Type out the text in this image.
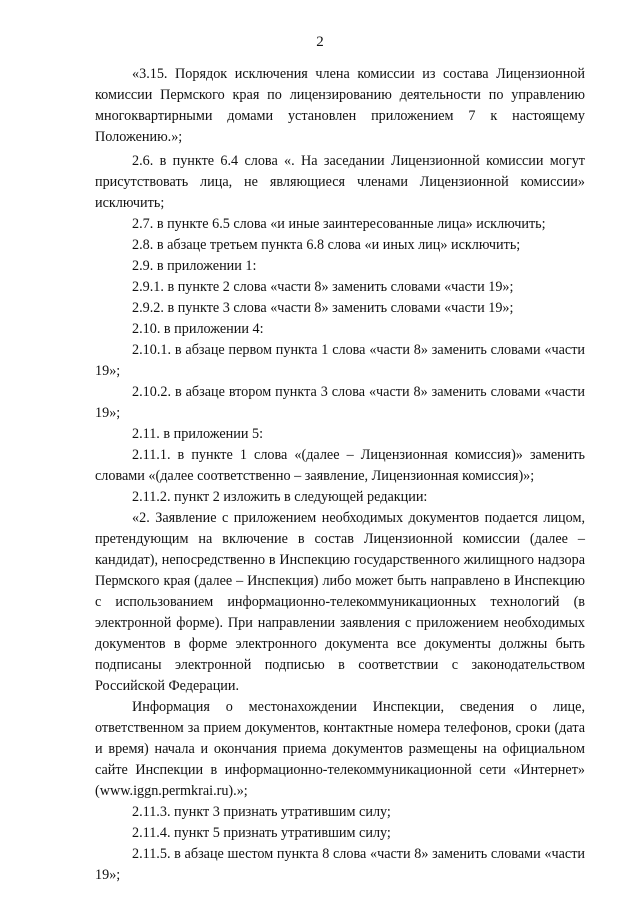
2

«3.15. Порядок исключения члена комиссии из состава Лицензионной комиссии Пермского края по лицензированию деятельности по управлению многоквартирными домами установлен приложением 7 к настоящему Положению.»;

2.6. в пункте 6.4 слова «. На заседании Лицензионной комиссии могут присутствовать лица, не являющиеся членами Лицензионной комиссии» исключить;

2.7. в пункте 6.5 слова «и иные заинтересованные лица» исключить;

2.8. в абзаце третьем пункта 6.8 слова «и иных лиц» исключить;

2.9. в приложении 1:

2.9.1. в пункте 2 слова «части 8» заменить словами «части 19»;

2.9.2. в пункте 3 слова «части 8» заменить словами «части 19»;

2.10. в приложении 4:

2.10.1. в абзаце первом пункта 1 слова «части 8» заменить словами «части 19»;

2.10.2. в абзаце втором пункта 3 слова «части 8» заменить словами «части 19»;

2.11. в приложении 5:

2.11.1. в пункте 1 слова «(далее – Лицензионная комиссия)» заменить словами «(далее соответственно – заявление, Лицензионная комиссия)»;

2.11.2. пункт 2 изложить в следующей редакции:

«2. Заявление с приложением необходимых документов подается лицом, претендующим на включение в состав Лицензионной комиссии (далее – кандидат), непосредственно в Инспекцию государственного жилищного надзора Пермского края (далее – Инспекция) либо может быть направлено в Инспекцию с использованием информационно-телекоммуникационных технологий (в электронной форме). При направлении заявления с приложением необходимых документов в форме электронного документа все документы должны быть подписаны электронной подписью в соответствии с законодательством Российской Федерации.

Информация о местонахождении Инспекции, сведения о лице, ответственном за прием документов, контактные номера телефонов, сроки (дата и время) начала и окончания приема документов размещены на официальном сайте Инспекции в информационно-телекоммуникационной сети «Интернет» (www.iggn.permkrai.ru).»;

2.11.3. пункт 3 признать утратившим силу;

2.11.4. пункт 5 признать утратившим силу;

2.11.5. в абзаце шестом пункта 8 слова «части 8» заменить словами «части 19»;
